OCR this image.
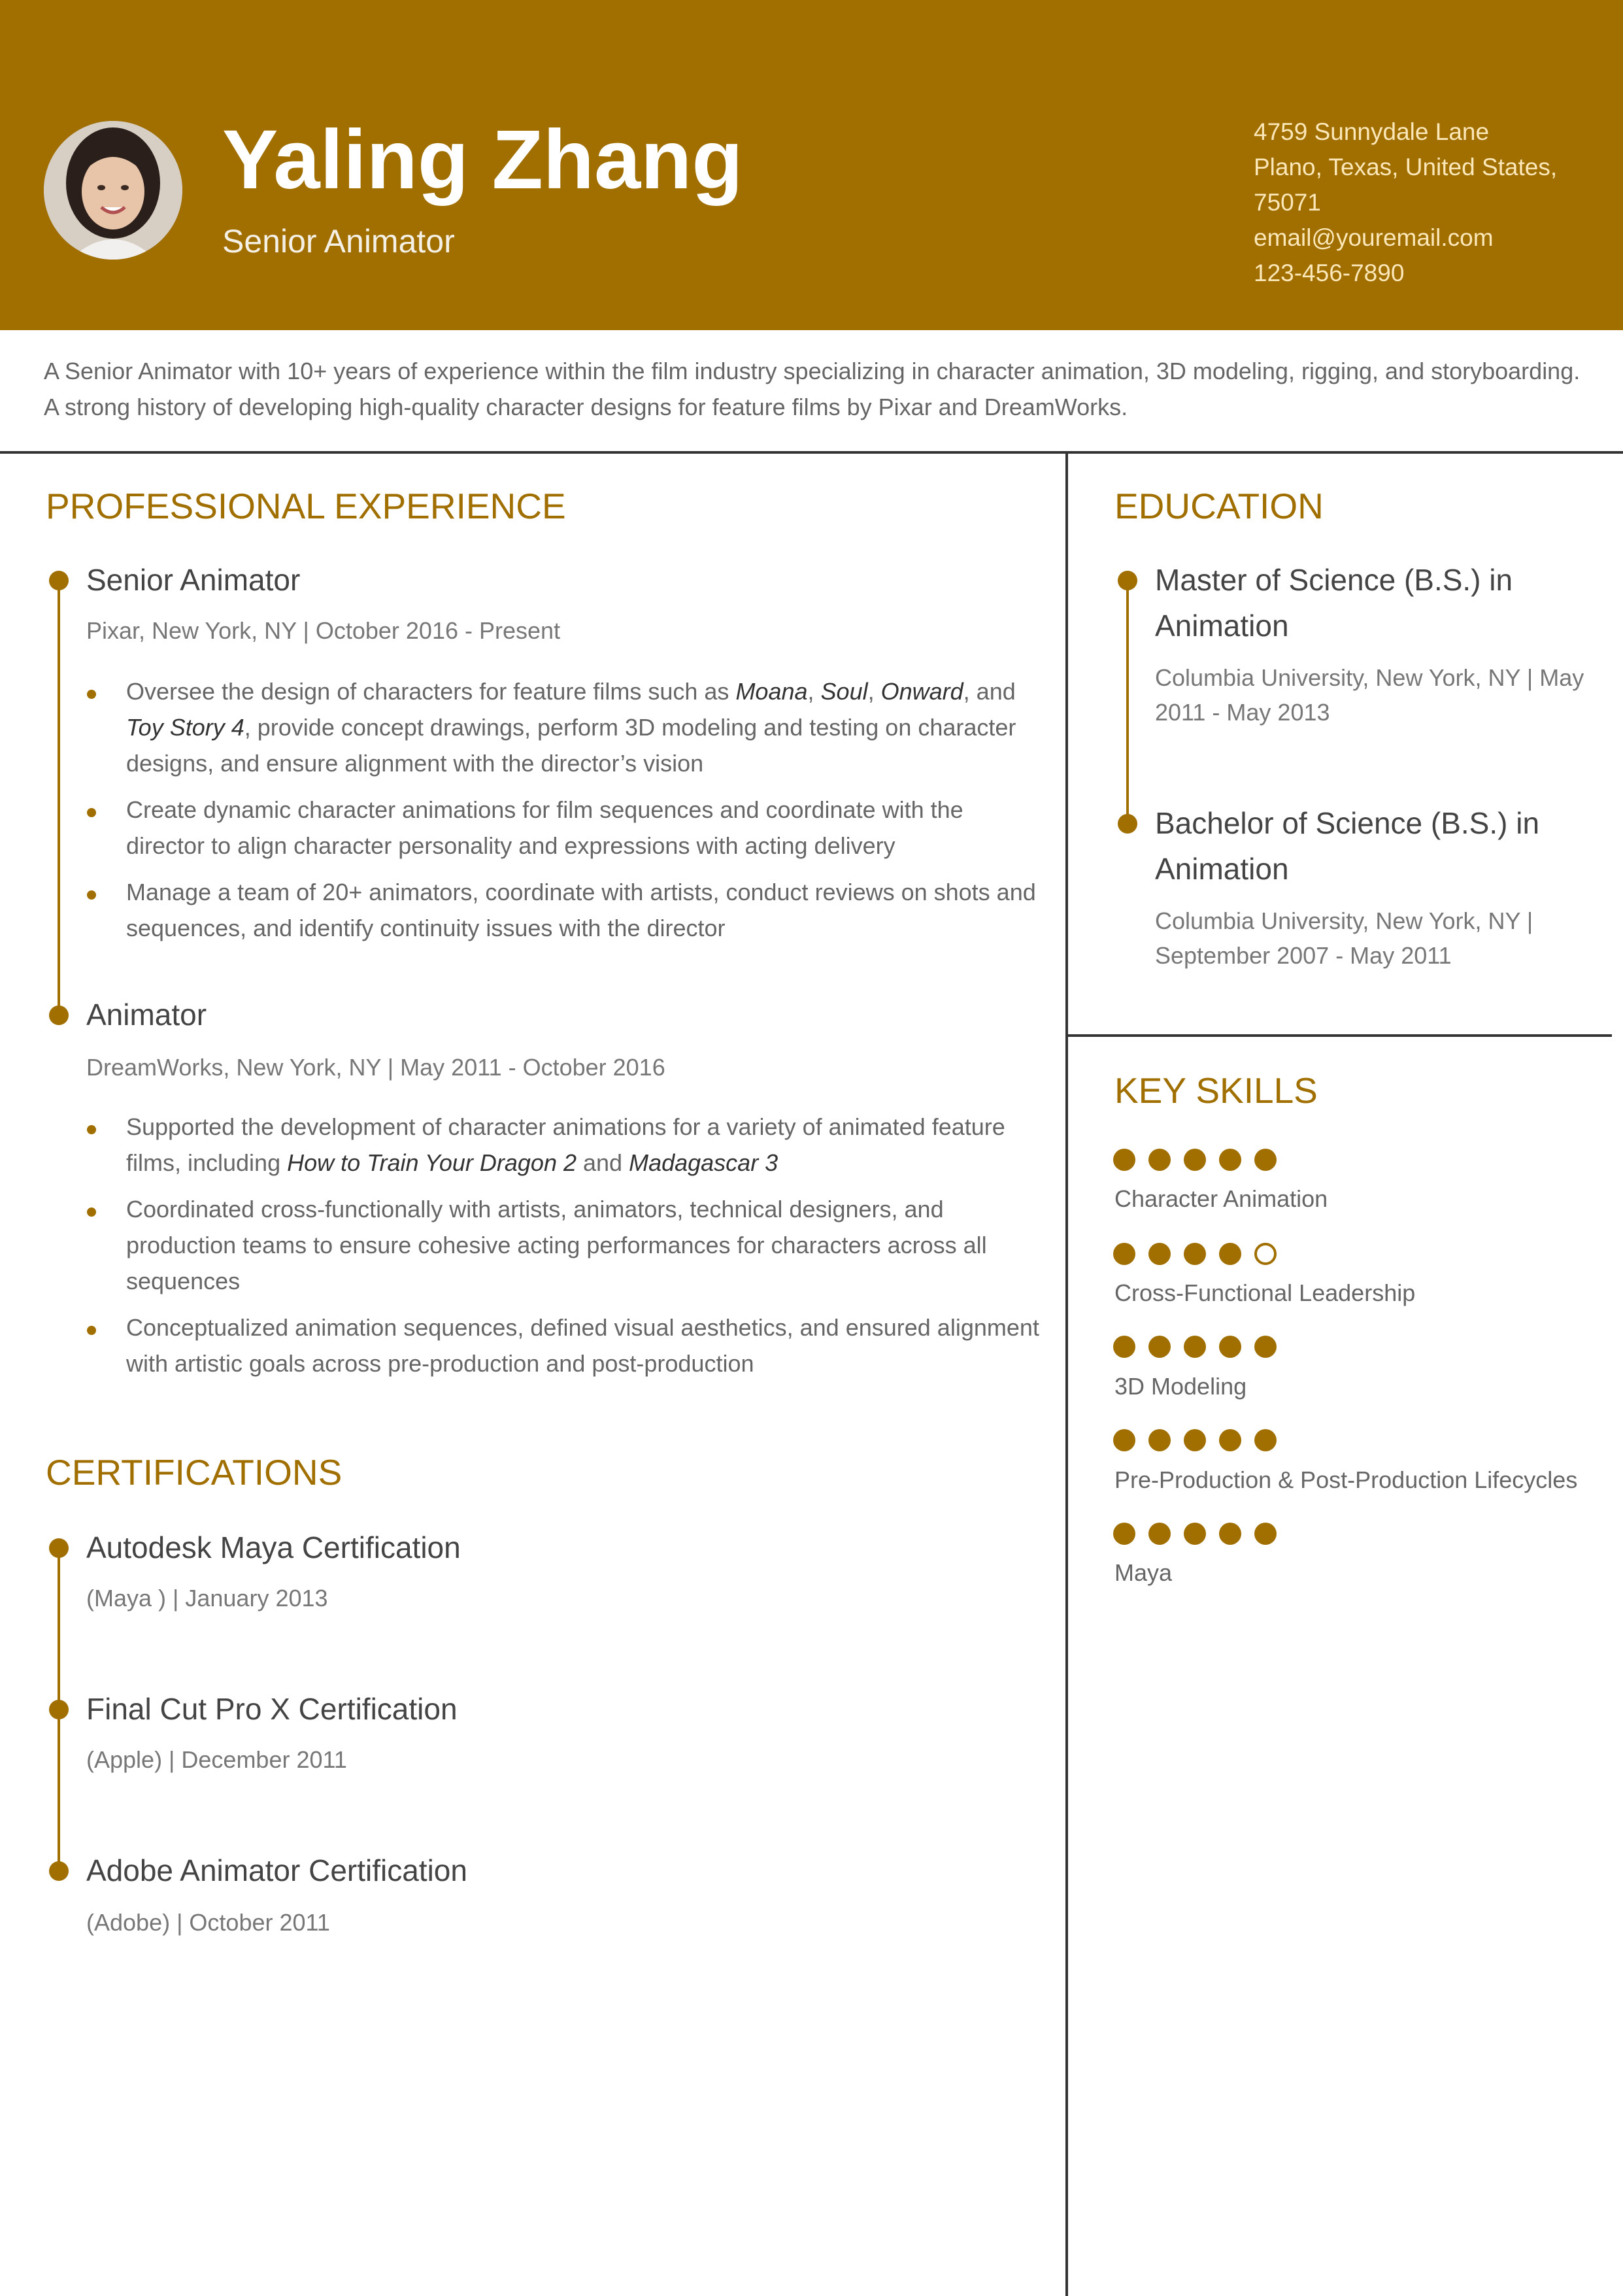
Yaling Zhang
Senior Animator
4759 Sunnydale Lane
Plano, Texas, United States,
75071
email@youremail.com
123-456-7890
A Senior Animator with 10+ years of experience within the film industry specializing in character animation, 3D modeling, rigging, and storyboarding. A strong history of developing high-quality character designs for feature films by Pixar and DreamWorks.
PROFESSIONAL EXPERIENCE
Senior Animator
Pixar, New York, NY | October 2016 - Present
Oversee the design of characters for feature films such as Moana, Soul, Onward, and Toy Story 4, provide concept drawings, perform 3D modeling and testing on character designs, and ensure alignment with the director’s vision
Create dynamic character animations for film sequences and coordinate with the director to align character personality and expressions with acting delivery
Manage a team of 20+ animators, coordinate with artists, conduct reviews on shots and sequences, and identify continuity issues with the director
Animator
DreamWorks, New York, NY | May 2011 - October 2016
Supported the development of character animations for a variety of animated feature films, including How to Train Your Dragon 2 and Madagascar 3
Coordinated cross-functionally with artists, animators, technical designers, and production teams to ensure cohesive acting performances for characters across all sequences
Conceptualized animation sequences, defined visual aesthetics, and ensured alignment with artistic goals across pre-production and post-production
CERTIFICATIONS
Autodesk Maya Certification
(Maya ) | January 2013
Final Cut Pro X Certification
(Apple) | December 2011
Adobe Animator Certification
(Adobe) | October 2011
EDUCATION
Master of Science (B.S.) in Animation
Columbia University, New York, NY | May 2011 - May 2013
Bachelor of Science (B.S.) in Animation
Columbia University, New York, NY | September 2007 - May 2011
KEY SKILLS
Character Animation
Cross-Functional Leadership
3D Modeling
Pre-Production & Post-Production Lifecycles
Maya
